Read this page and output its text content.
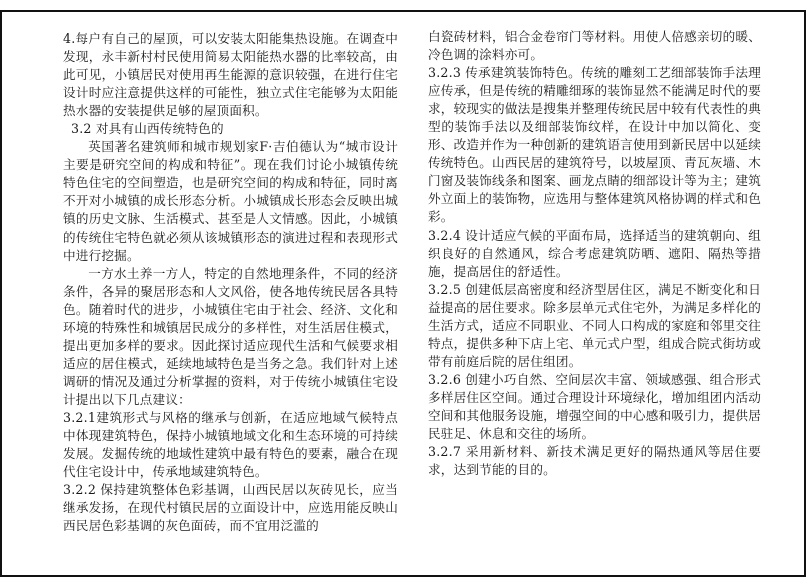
4.每户有自己的屋顶，可以安装太阳能集热设施。在调查中发现，永丰新村村民使用简易太阳能热水器的比率较高，由此可见，小镇居民对使用再生能源的意识较强，在进行住宅设计时应注意提供这样的可能性，独立式住宅能够为太阳能热水器的安装提供足够的屋顶面积。

3.2 对具有山西传统特色的

英国著名建筑师和城市规划家F·吉伯德认为“城市设计主要是研究空间的构成和特征”。现在我们讨论小城镇传统特色住宅的空间塑造，也是研究空间的构成和特征，同时离不开对小城镇的成长形态分析。小城镇成长形态会反映出城镇的历史文脉、生活模式、甚至是人文情感。因此，小城镇的传统住宅特色就必须从该城镇形态的演进过程和表现形式中进行挖掘。

一方水土养一方人，特定的自然地理条件，不同的经济条件，各异的聚居形态和人文风俗，使各地传统民居各具特色。随着时代的进步，小城镇住宅由于社会、经济、文化和环境的特殊性和城镇居民成分的多样性，对生活居住模式，提出更加多样的要求。因此探讨适应现代生活和气候要求相适应的居住模式，延续地域特色是当务之急。我们针对上述调研的情况及通过分析掌握的资料，对于传统小城镇住宅设计提出以下几点建议：

3.2.1建筑形式与风格的继承与创新，在适应地域气候特点中体现建筑特色，保持小城镇地域文化和生态环境的可持续发展。发掘传统的地域性建筑中最有特色的要素，融合在现代住宅设计中，传承地域建筑特色。

3.2.2 保持建筑整体色彩基调，山西民居以灰砖见长，应当继承发扬，在现代村镇民居的立面设计中，应选用能反映山西民居色彩基调的灰色面砖，而不宜用泛滥的

白瓷砖材料，铝合金卷帘门等材料。用使人倍感亲切的暖、冷色调的涂料亦可。

3.2.3 传承建筑装饰特色。传统的雕刻工艺细部装饰手法理应传承，但是传统的精雕细琢的装饰显然不能满足时代的要求，较现实的做法是搜集并整理传统民居中较有代表性的典型的装饰手法以及细部装饰纹样，在设计中加以简化、变形、改造并作为一种创新的建筑语言使用到新民居中以延续传统特色。山西民居的建筑符号，以坡屋顶、青瓦灰墙、木门窗及装饰线条和图案、画龙点睛的细部设计等为主；建筑外立面上的装饰物，应选用与整体建筑风格协调的样式和色彩。

3.2.4 设计适应气候的平面布局，选择适当的建筑朝向、组织良好的自然通风，综合考虑建筑防晒、遮阳、隔热等措施，提高居住的舒适性。

3.2.5 创建低层高密度和经济型居住区，满足不断变化和日益提高的居住要求。除多层单元式住宅外，为满足多样化的生活方式，适应不同职业、不同人口构成的家庭和邻里交往特点，提供多种下店上宅、单元式户型，组成合院式街坊或带有前庭后院的居住组团。

3.2.6 创建小巧自然、空间层次丰富、领域感强、组合形式多样居住区空间。通过合理设计环境绿化，增加组团内活动空间和其他服务设施，增强空间的中心感和吸引力，提供居民驻足、休息和交往的场所。

3.2.7 采用新材料、新技术满足更好的隔热通风等居住要求，达到节能的目的。
